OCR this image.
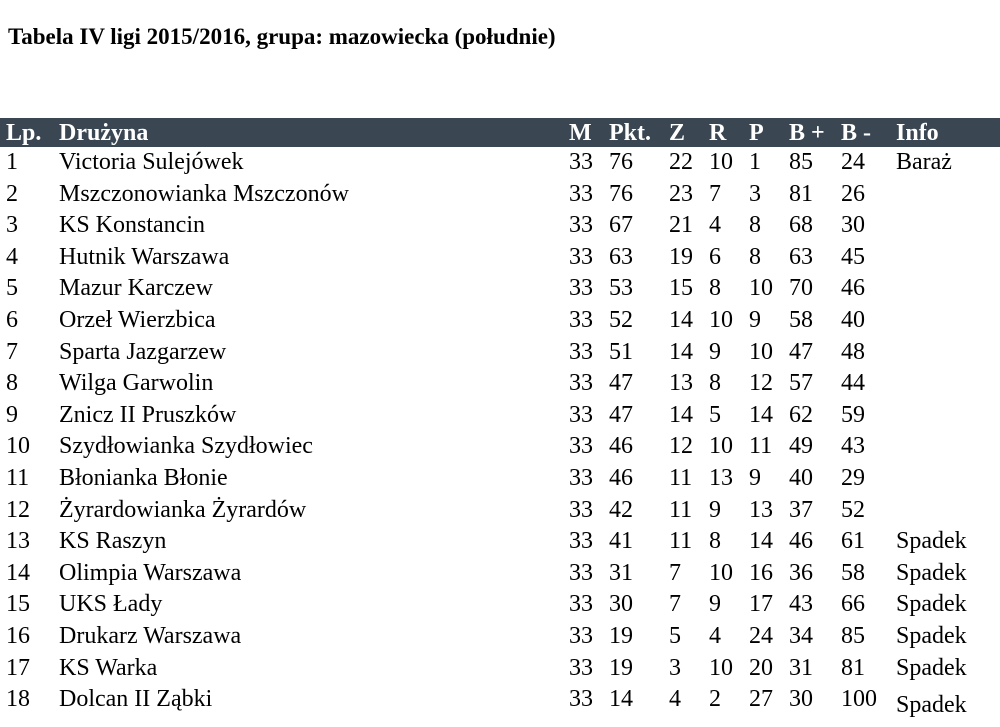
Tabela IV ligi 2015/2016, grupa: mazowiecka (południe)
Lp. Drużyna	M Pkt. Z R P B + B - Info
1 Victoria Sulejówek	33 76 22 10 1 85 24 Baraż
2 Mszczonowianka Mszczonów	33 76 23 7 3 81 26
3 KS Konstancin	33 67 21 4 8 68 30
4 Hutnik Warszawa	33 63 19 6 8 63 45
5 Mazur Karczew	33 53 15 8 10 70 46
6 Orzeł Wierzbica	33 52 14 10 9 58 40
7 Sparta Jazgarzew	33 51 14 9 10 47 48
8 Wilga Garwolin	33 47 13 8 12 57 44
9 Znicz II Pruszków	33 47 14 5 14 62 59
10 Szydłowianka Szydłowiec	33 46 12 10 11 49 43
11 Błonianka Błonie	33 46 11 13 9 40 29
12 Żyrardowianka Żyrardów	33 42 11 9 13 37 52
13 KS Raszyn	33 41 11 8 14 46 61 Spadek
14 Olimpia Warszawa	33 31 7 10 16 36 58 Spadek
15 UKS Łady	33 30 7 9 17 43 66 Spadek
16 Drukarz Warszawa	33 19 5 4 24 34 85 Spadek
17 KS Warka	33 19 3 10 20 31 81 Spadek
18 Dolcan II Ząbki	33 14 4 2 27 30 100 Spadek
